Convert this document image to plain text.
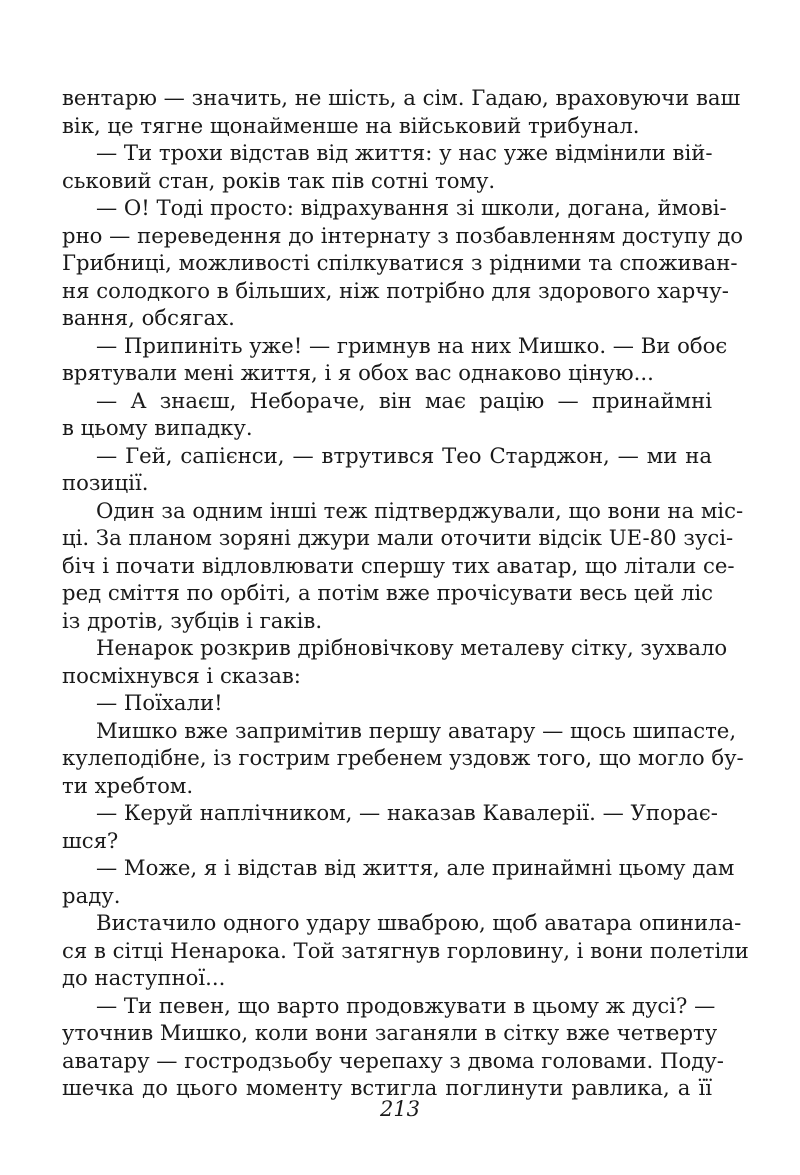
вентарю — значить, не шість, а сім. Гадаю, враховуючи ваш
вік, це тягне щонайменше на військовий трибунал.
— Ти трохи відстав від життя: у нас уже відмінили вій-
ськовий стан, років так пів сотні тому.
— О! Тоді просто: відрахування зі школи, догана, ймові-
рно — переведення до інтернату з позбавленням доступу до
Грибниці, можливості спілкуватися з рідними та споживан-
ня солодкого в більших, ніж потрібно для здорового харчу-
вання, обсягах.
— Припиніть уже! — гримнув на них Мишко. — Ви обоє
врятували мені життя, і я обох вас однаково ціную...
— А знаєш, Небораче, він має рацію — принаймні
в цьому випадку.
— Гей, сапієнси, — втрутився Тео Старджон, — ми на
позиції.
Один за одним інші теж підтверджували, що вони на міс-
ці. За планом зоряні джури мали оточити відсік UE-80 зусі-
біч і почати відловлювати спершу тих аватар, що літали се-
ред сміття по орбіті, а потім вже прочісувати весь цей ліс
із дротів, зубців і гаків.
Ненарок розкрив дрібновічкову металеву сітку, зухвало
посміхнувся і сказав:
— Поїхали!
Мишко вже запримітив першу аватару — щось шипасте,
кулеподібне, із гострим гребенем уздовж того, що могло бу-
ти хребтом.
— Керуй наплічником, — наказав Кавалерії. — Упорає-
шся?
— Може, я і відстав від життя, але принаймні цьому дам
раду.
Вистачило одного удару шваброю, щоб аватара опинила-
ся в сітці Ненарока. Той затягнув горловину, і вони полетіли
до наступної...
— Ти певен, що варто продовжувати в цьому ж дусі? —
уточнив Мишко, коли вони заганяли в сітку вже четверту
аватару — гостродзьобу черепаху з двома головами. Поду-
шечка до цього моменту встигла поглинути равлика, а її
213
